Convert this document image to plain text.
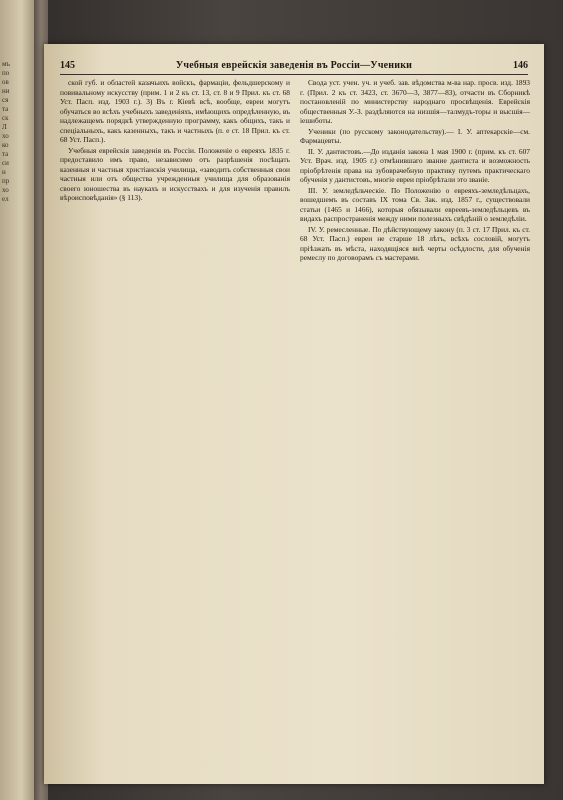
мъ
по
ов
ни
ся
та
ск
Л
хо
ко
та
си
н
пр
хо
ел
145	Учебныя еврейскія заведенія въ Россіи—Ученики	146

ской губ. и областей казачьихъ войскъ, фармаціи, фельдшерскому и повивальному искусству (прим. 1 и 2 къ ст. 13, ст. 8 и 9 Прил. къ ст. 68 Уст. Пасп. изд. 1903 г.). 3) Въ г. Кіевѣ всѣ, вообще, евреи могутъ обучаться во всѣхъ учебныхъ заведеніяхъ, имѣющихъ опредѣленную, въ надлежащемъ порядкѣ утвержденную программу, какъ общихъ, такъ и спеціальныхъ, какъ казенныхъ, такъ и частныхъ (п. е ст. 18 Прил. къ ст. 68 Уст. Пасп.).

Учебныя еврейскія заведенія въ Россіи. Положеніе о евреяхъ 1835 г. предоставило имъ право, независимо отъ разрѣшенія посѣщать казенныя и частныя христіанскія училища, «заводить собственныя свои частныя или отъ общества учрежденныя училища для образованія своего юношества въ наукахъ и искусствахъ и для изученія правилъ вѣроисповѣданія» (§ 113).

Свода уст. учен. уч. и учеб. зав. вѣдомства м-ва нар. просв. изд. 1893 г. (Прил. 2 къ ст. 3423, ст. 3670—3, 3877—83), отчасти въ Сборникѣ постановленій по министерству народнаго просвѣщенія. Еврейскія общественныя У.-З. раздѣляются на низшія—талмудъ-торы и высшія—іешиботы.

Ученики (по русскому законодательству).— I. У. аптекарскіе—см. Фармацевты.

II. У. дантистовъ.—До изданія закона 1 мая 1900 г. (прим. къ ст. 607 Уст. Врач. изд. 1905 г.) отмѣнившаго звание дантиста и возможность пріобрѣтенія права на зубоврачебную практику путемъ практическаго обученія у дантистовъ, многіе евреи пріобрѣтали это званіе.

III. У. земледѣльческіе. По Положенію о евреяхъ-земледѣльцахъ, вошедшемъ въ составъ IX тома Св. Зак. изд. 1857 г., существовали статьи (1465 и 1466), которыя обязывали евреевъ-земледѣльцевъ въ видахъ распространенія между ними полезныхъ свѣдѣній о земледѣліи.

IV. У. ремесленные. По дѣйствующему закону (п. 3 ст. 17 Прил. къ ст. 68 Уст. Пасп.) евреи не старше 18 лѣтъ, всѣхъ сословій, могутъ пріѣзжать въ мѣста, находящіяся внѣ черты осѣдлости, для обученія ремеслу по договорамъ съ мастерами.
